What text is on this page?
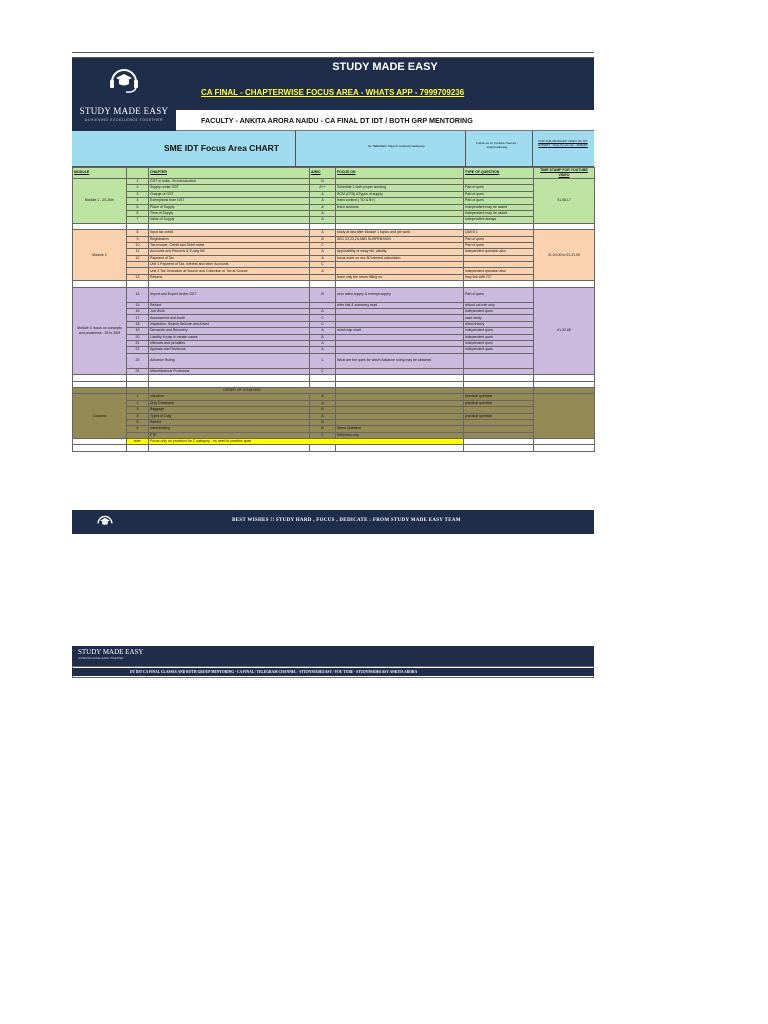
STUDY MADE EASY
ACHIEVING EXCELLENCE TOGETHER
STUDY MADE EASY
CA FINAL - CHAPTERWISE FOCUS AREA - WHATS APP - 7999709236
FACULTY - ANKITA ARORA NAIDU - CA FINAL DT IDT / BOTH GRP MENTORING
SME IDT Focus Area CHART	for TEBADEN :https://t.me/studymadeeasy
Follow us on Youtube channel - studymadeeasy
FOR THE DETAILED VIDEO OF IDT EXPERT : https://youtu.be/...SMEIDT
MODULE		CHAPTER	A/B/C	FOCUS ON	TYPE OF QUESTION	TIME STAMP FOR YOUTUBE VIDEO
Module 1 - 20-25m	1	GST in India - An introduction	B			01.08.17
	2	Supply under GST	A++	Schedule 1 with proper wording	Part of ques	
	3	Charge of GST	A	RCM (GTA) &Types of supply	Part of ques	
	4	Exemptions from GST	A	learn context ( TO & BY)	Part of ques	
	5	Place of Supply	A	learn sections	Independent may be asked	
	6	Time of Supply	A		Independent may be asked	
	7	Value of Supply	A		Independent always	

Module 2	8	Input tax credit	A	study at last after Module 1 topics and job work	QUES 1	01.24.00 to 01.31.00
	9	Registration	B	SEC 22,23,24 AND SUSPENSION	Part of ques	
	10	Tax Invoice, Credit and Debit notes	C		Part of ques	
	11	Accounts and Records & E-way bill	A	Applicability of eway bill, validity	independent question also	
	12	Payment of Tax	A	focus more on sec 50 interest calculation		
		Unit 1 Payment of Tax, interest and other Accounts	C			
		Unit 2 Tax Deduction at Source and Collection of Tax at Source	A		independent question also	
	13	Returns		learn only the return filling no.	may link with ITC	

Module 3 :focus on concepts and provisions - 25 to 30M	14	Import and Export Under GST	B	zero rated supply & exempt supply	Part of ques	01.32.88
	15	Refund		refer link & summery read	refund cal rule only	
	16	Job Work	A		independent ques	
	17	Assessment and Audit	C		case study	
	18	Inspection, Search,Seizure and Arrest	C		direct theory	
	19	Demands and Recovery	A	mind map chart	independent ques	
	20	Liability to pay in certain cases	B		independent ques	
	21	offences and penalties	A		independent ques	
	22	Appeals and Revisions	A		independent ques	
	23	Advance Ruling	C	What are the ques for which Advance ruling may be obtained		
	24	Miscellaneous Provisions	C			

		ORDER OF STUDYING				
Customs	1	valuation	A		practical question	
	2	Duty Drawback	A		practical question	
	3	Baggage	B			
	4	Types of Duty	A		practical question	
	5	Refund	B			
	6	warehousing	B	Direct Question		
		FTP	C	Schemes only		
	note:	Focus only on provision for C category - no need to practice ques				

BEST WISHES !! STUDY HARD , FOCUS , DEDICATE : FROM STUDY MADE EASY TEAM
STUDY MADE EASY
ACHIEVING EXCELLENCE TOGETHER
DT IDT CA FINAL CLASSES AND BOTH GROUP MENTORING - CA FINAL / TELEGRAM CHANNEL - STUDYMADEEASY / YOU TUBE - STUDYMADEEASY ANKITA ARORA
